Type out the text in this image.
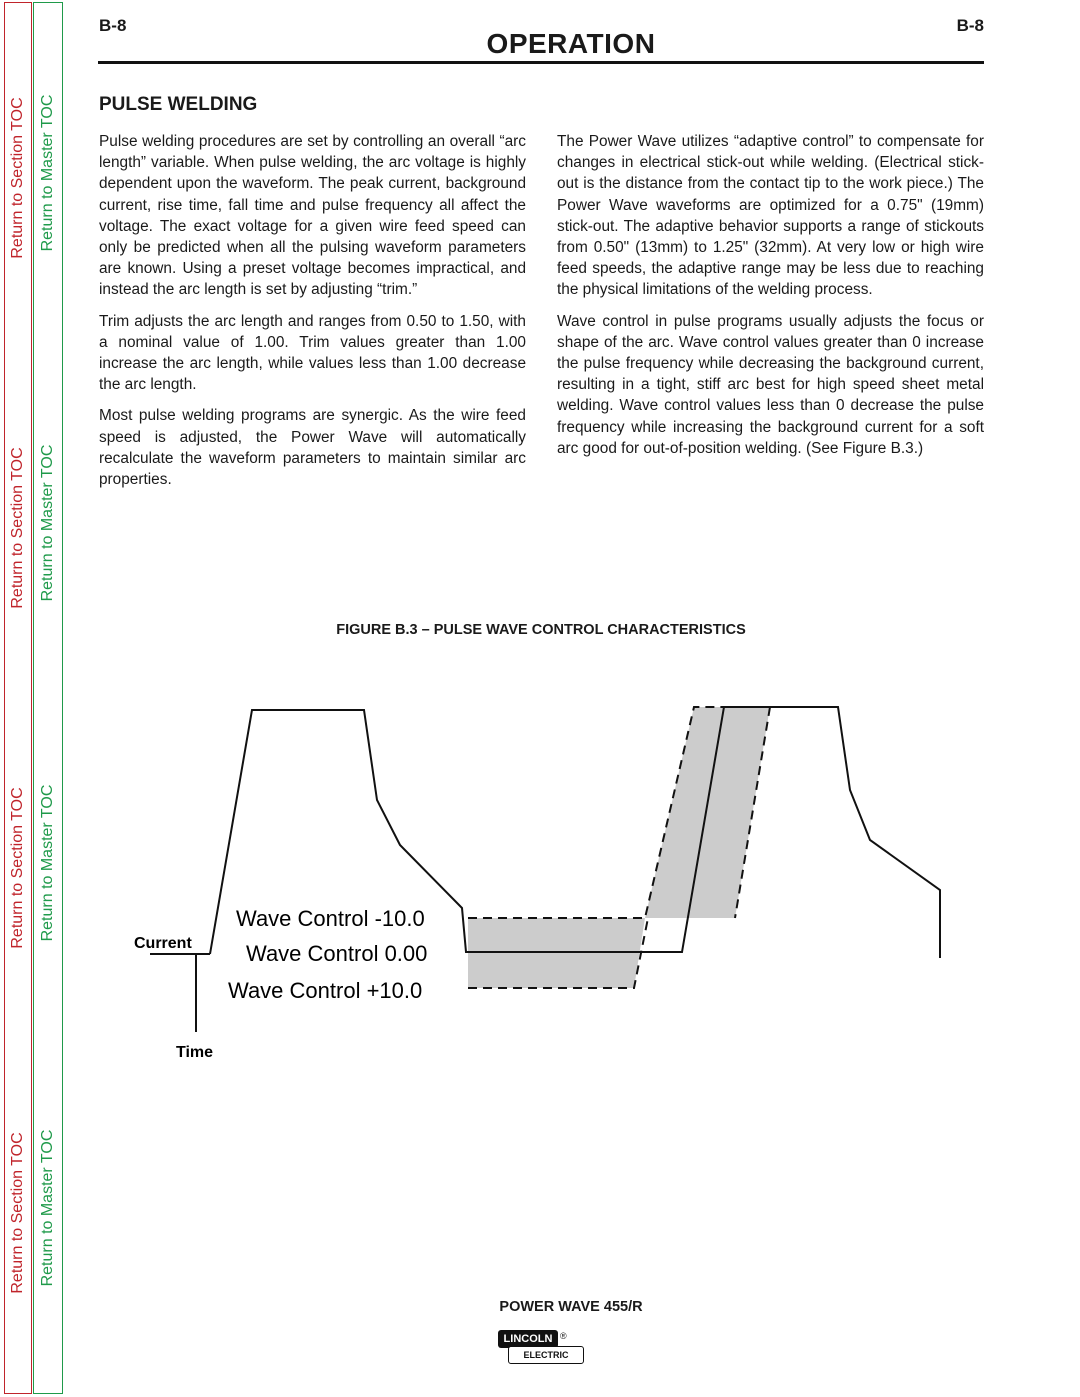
Return to Section TOC
Return to Section TOC
Return to Section TOC
Return to Section TOC
Return to Master TOC
Return to Master TOC
Return to Master TOC
Return to Master TOC
B-8	B-8
OPERATION
PULSE WELDING

Pulse welding procedures are set by controlling an overall “arc length” variable. When pulse welding, the arc voltage is highly dependent upon the waveform. The peak current, background current, rise time, fall time and pulse frequency all affect the voltage. The exact voltage for a given wire feed speed can only be predicted when all the pulsing waveform parameters are known. Using a preset voltage becomes impractical, and instead the arc length is set by adjusting “trim.”

Trim adjusts the arc length and ranges from 0.50 to 1.50, with a nominal value of 1.00. Trim values greater than 1.00 increase the arc length, while values less than 1.00 decrease the arc length.

Most pulse welding programs are synergic. As the wire feed speed is adjusted, the Power Wave will automatically recalculate the waveform parameters to maintain similar arc properties.

The Power Wave utilizes “adaptive control” to compensate for changes in electrical stick-out while welding. (Electrical stick-out is the distance from the contact tip to the work piece.) The Power Wave waveforms are optimized for a 0.75" (19mm) stick-out. The adaptive behavior supports a range of stickouts from 0.50" (13mm) to 1.25" (32mm). At very low or high wire feed speeds, the adaptive range may be less due to reaching the physical limitations of the welding process.

Wave control in pulse programs usually adjusts the focus or shape of the arc. Wave control values greater than 0 increase the pulse frequency while decreasing the background current, resulting in a tight, stiff arc best for high speed sheet metal welding. Wave control values less than 0 decrease the pulse frequency while increasing the background current for a soft arc good for out-of-position welding. (See Figure B.3.)

FIGURE B.3 – PULSE WAVE CONTROL CHARACTERISTICS
Current
Time
Wave Control -10.0
Wave Control 0.00
Wave Control +10.0
POWER WAVE 455/R
LINCOLN ®
ELECTRIC
